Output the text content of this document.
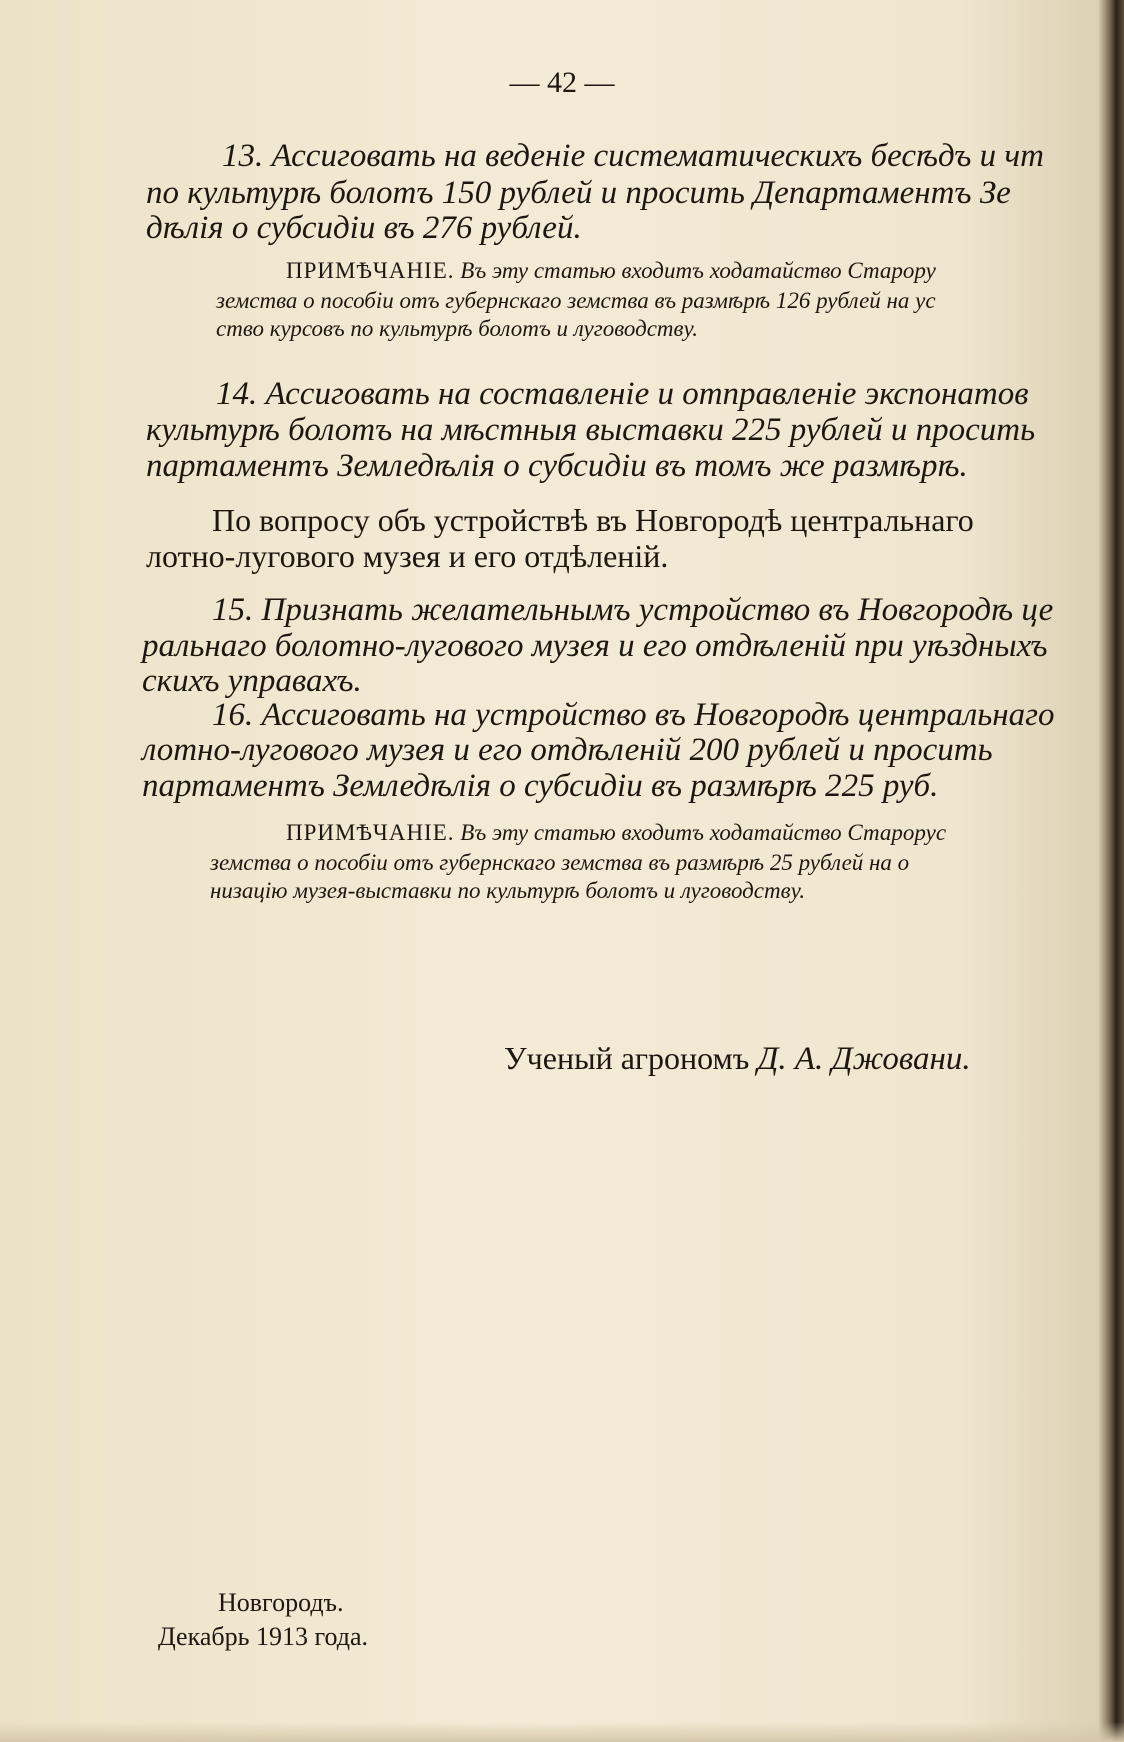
— 42 —

13. Ассиговать на веденіе систематическихъ бесѣдъ и чт

по культурѣ болотъ 150 рублей и просить Департаментъ Зе

дѣлія о субсидіи въ 276 рублей.

ПРИМѢЧАНІЕ. Въ эту статью входитъ ходатайство Старору

земства о пособіи отъ губернскаго земства въ размѣрѣ 126 рублей на ус

ство курсовъ по культурѣ болотъ и луговодству.

14. Ассиговать на составленіе и отправленіе экспонатов

культурѣ болотъ на мѣстныя выставки 225 рублей и просить

партаментъ Земледѣлія о субсидіи въ томъ же размѣрѣ.

По вопросу объ устройствѣ въ Новгородѣ центральнаго

лотно-лугового музея и его отдѣленій.

15. Признать желательнымъ устройство въ Новгородѣ це

ральнаго болотно-лугового музея и его отдѣленій при уѣздныхъ

скихъ управахъ.

16. Ассиговать на устройство въ Новгородѣ центральнаго

лотно-лугового музея и его отдѣленій 200 рублей и просить

партаментъ Земледѣлія о субсидіи въ размѣрѣ 225 руб.

ПРИМѢЧАНІЕ. Въ эту статью входитъ ходатайство Старорус

земства о пособіи отъ губернскаго земства въ размѣрѣ 25 рублей на о

низацію музея-выставки по культурѣ болотъ и луговодству.

Ученый агрономъ Д. А. Джовани.

Новгородъ.

Декабрь 1913 года.
